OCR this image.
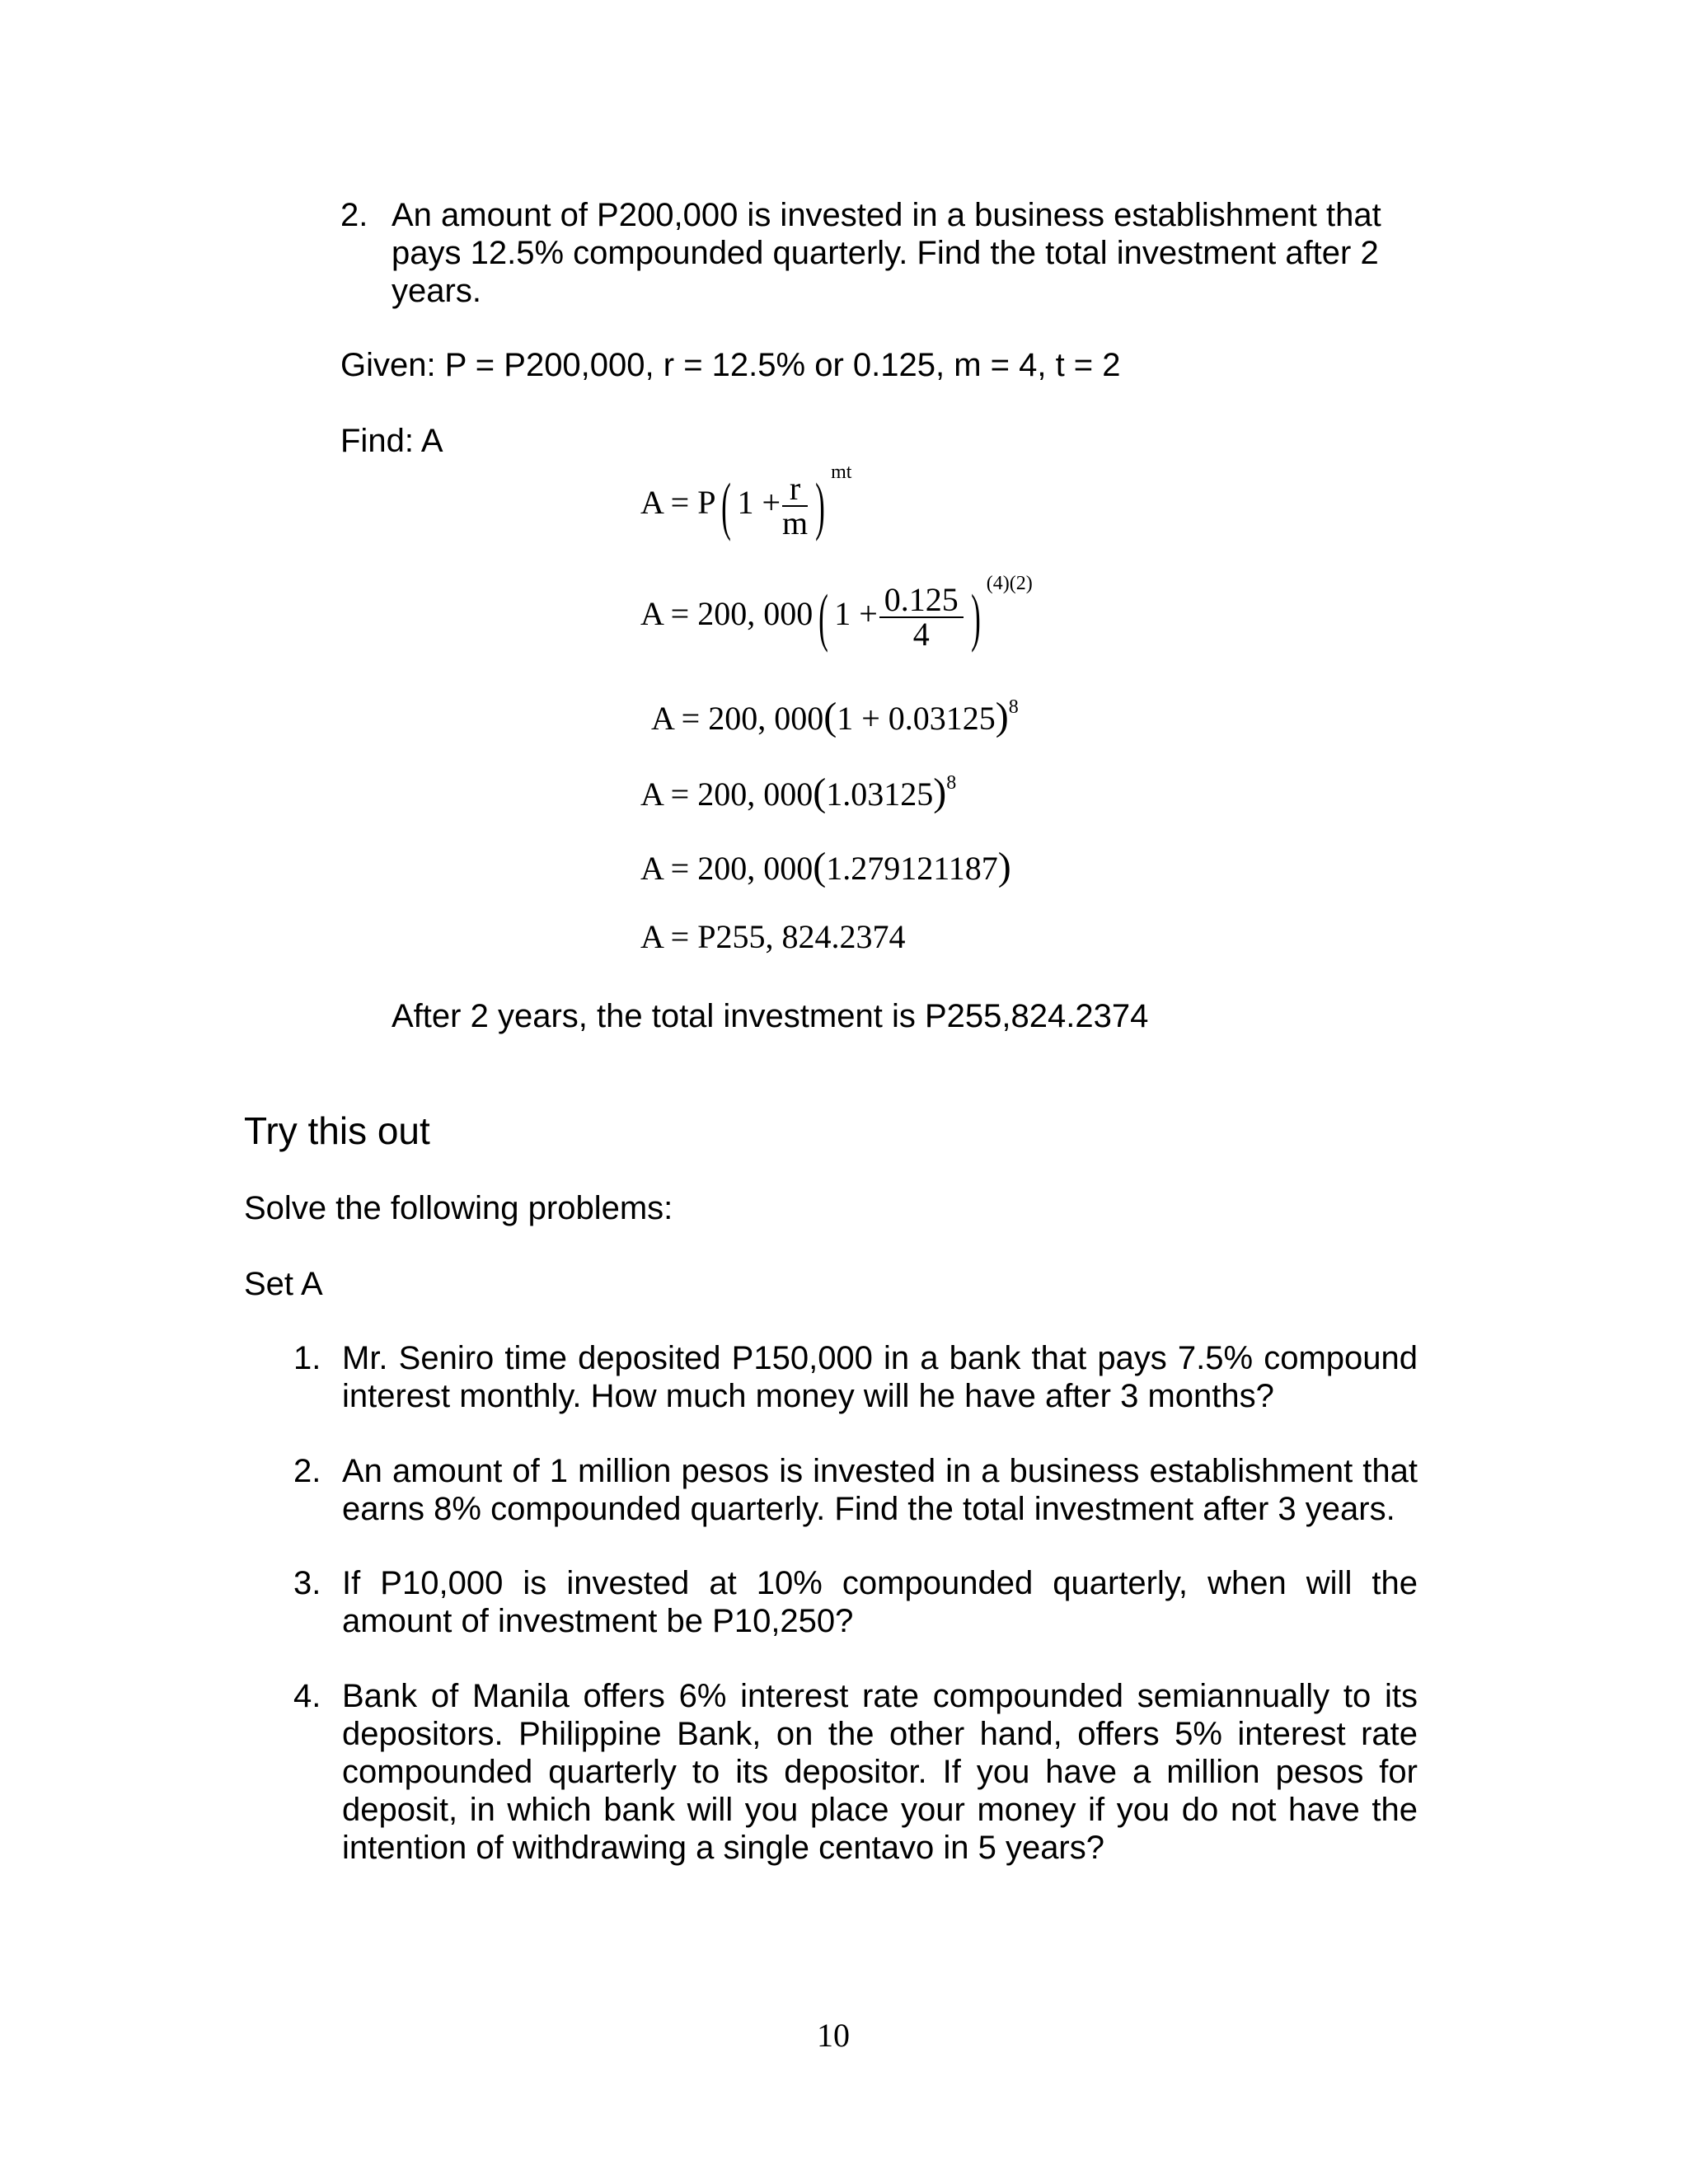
2. An amount of P200,000 is invested in a business establishment that pays 12.5% compounded quarterly. Find the total investment after 2 years.
Given: P = P200,000, r = 12.5% or 0.125, m = 4, t = 2
Find: A
A = P( $1 + \frac{r}{m}$ ) $^{mt}$
A = 200, 000( $1 + \frac{0.125}{4}$ ) $^{(4)(2)}$
A = 200, $000(1 + 0.03125)^8$
A = 200, $000(1.03125)^8$
A = 200, 000(1.279121187)
A = P255, 824.2374
After 2 years, the total investment is P255,824.2374
Try this out
Solve the following problems:
Set A
1. Mr. Seniro time deposited P150,000 in a bank that pays 7.5% compound interest monthly. How much money will he have after 3 months?
2. An amount of 1 million pesos is invested in a business establishment that earns 8% compounded quarterly. Find the total investment after 3 years.
3. If P10,000 is invested at 10% compounded quarterly, when will the amount of investment be P10,250?
4. Bank of Manila offers 6% interest rate compounded semiannually to its depositors. Philippine Bank, on the other hand, offers 5% interest rate compounded quarterly to its depositor. If you have a million pesos for deposit, in which bank will you place your money if you do not have the intention of withdrawing a single centavo in 5 years?
10
